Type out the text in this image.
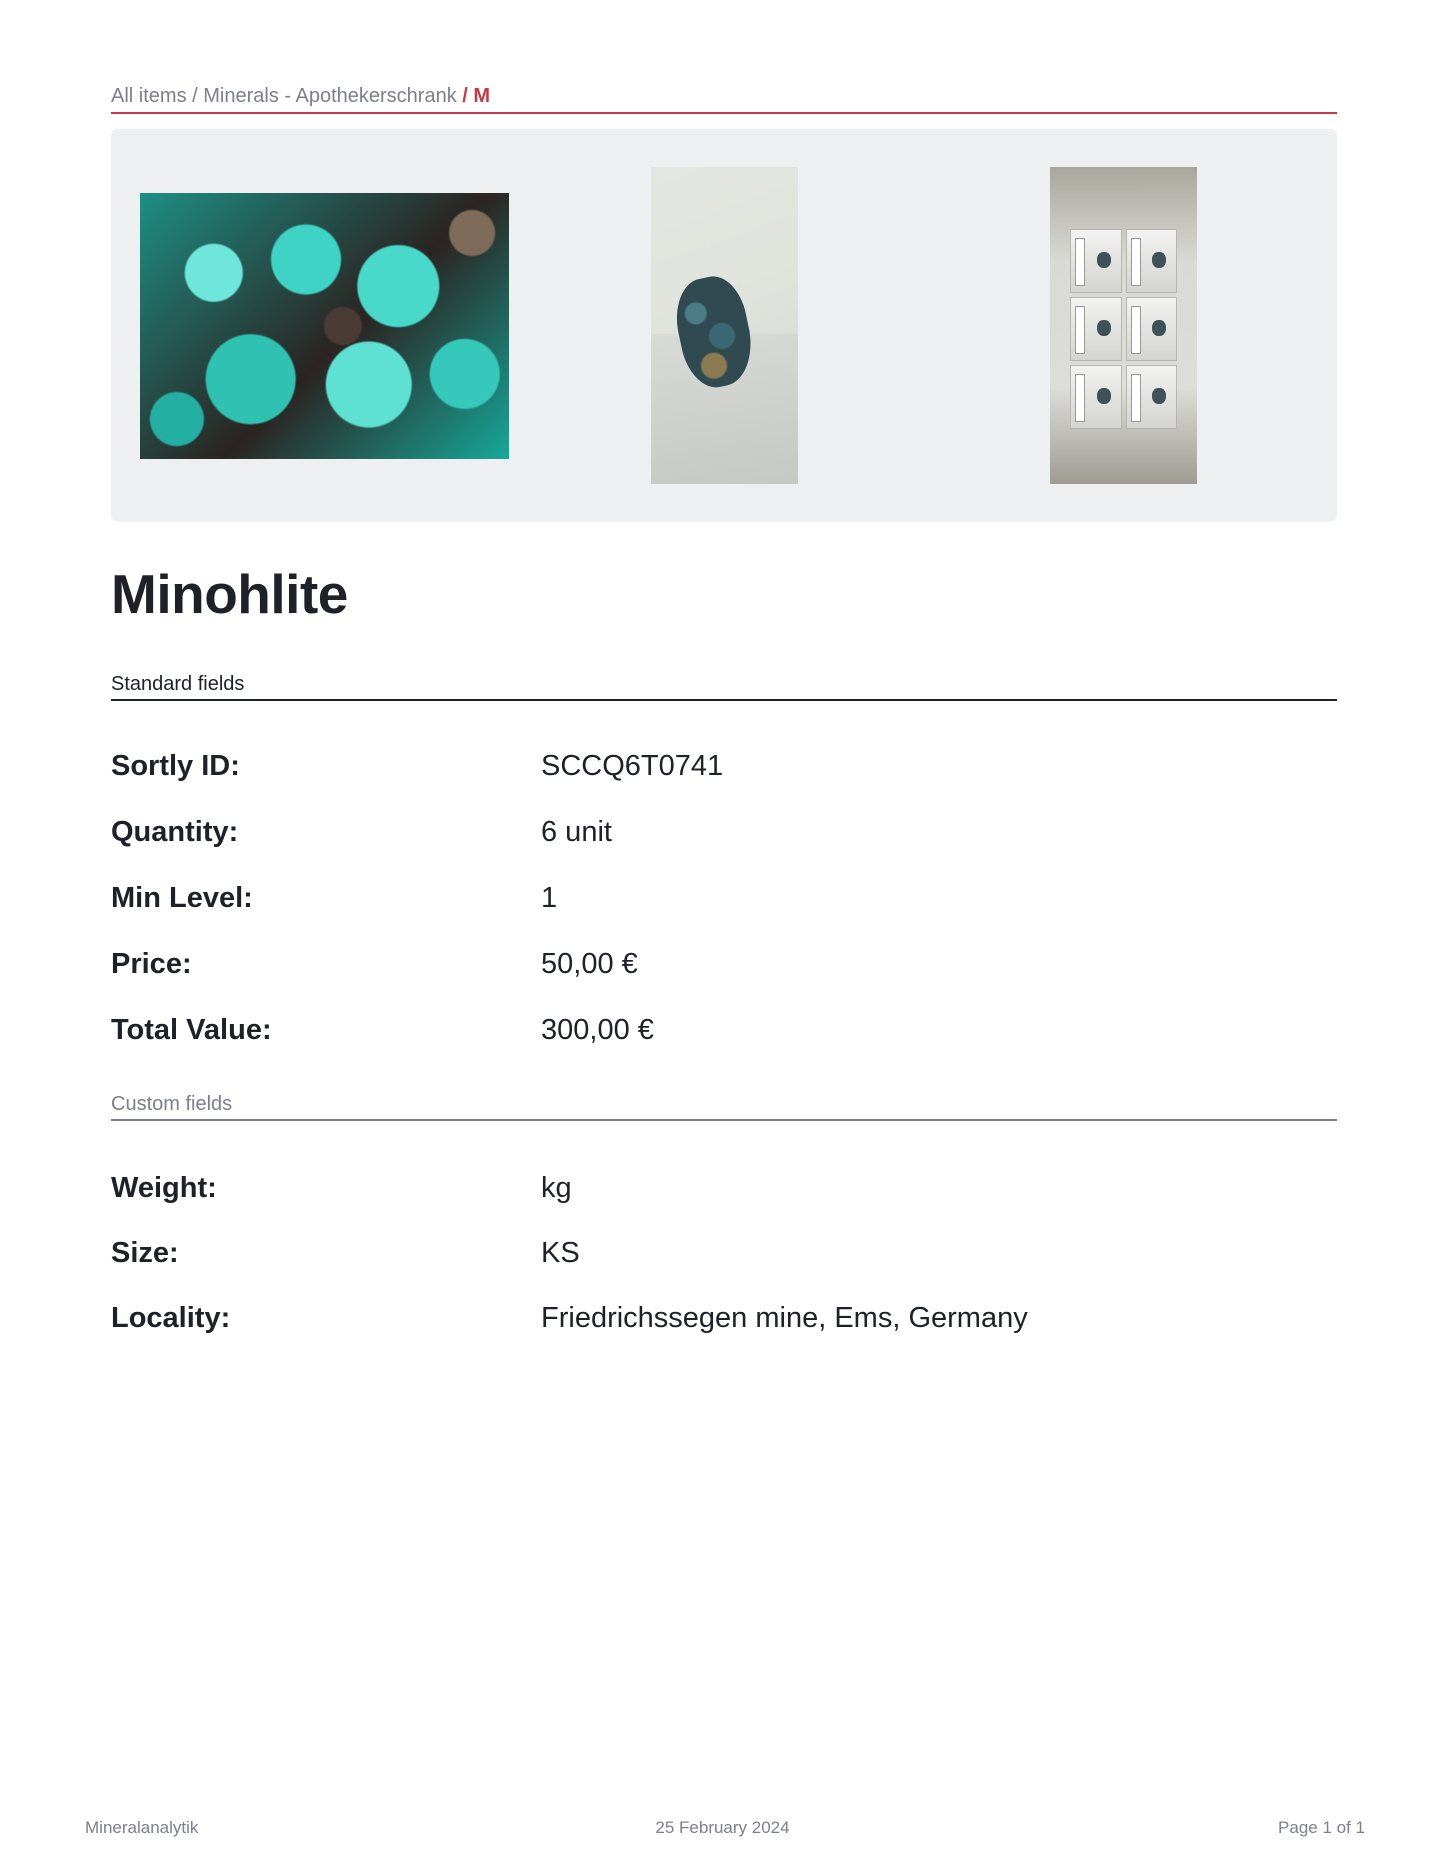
All items / Minerals - Apothekerschrank / M
Minohlite
Standard fields
Sortly ID:	SCCQ6T0741
Quantity:	6 unit
Min Level:	1
Price:	50,00 €
Total Value:	300,00 €
Custom fields
Weight:	kg
Size:	KS
Locality:	Friedrichssegen mine, Ems, Germany
Mineralanalytik	25 February 2024	Page 1 of 1
